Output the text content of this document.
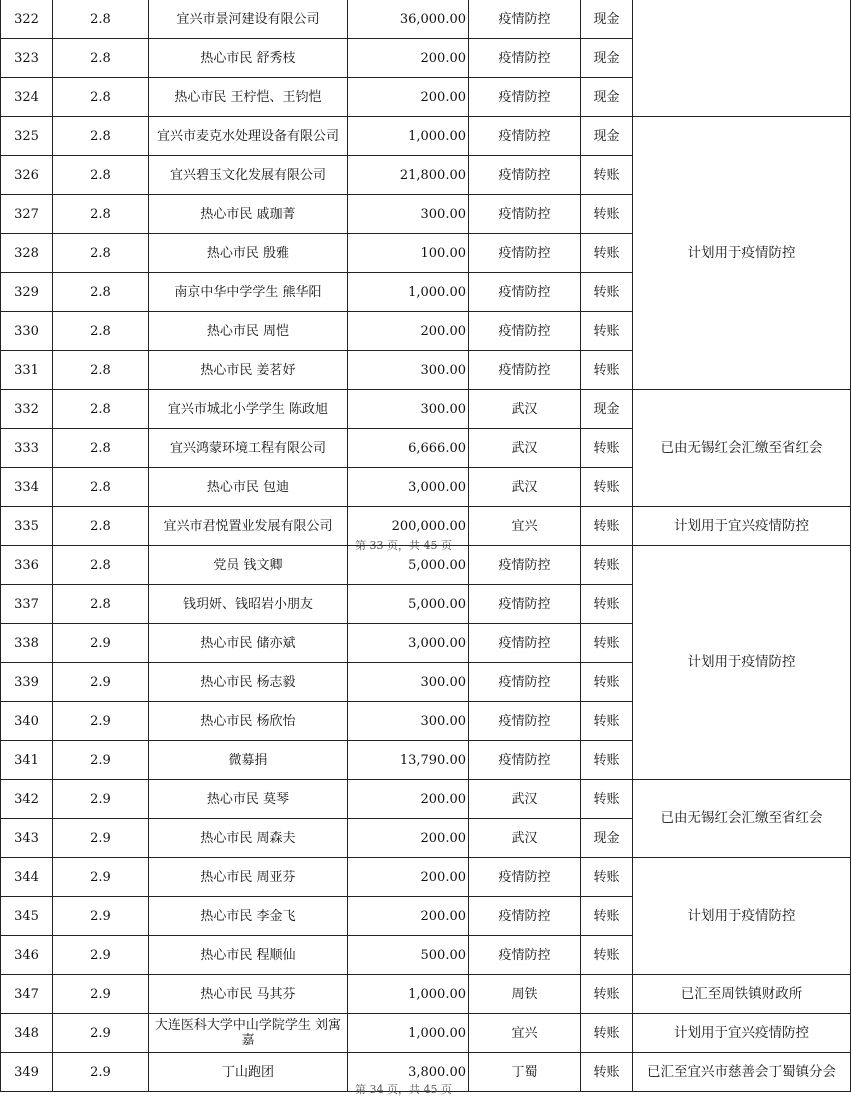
322	2.8	宜兴市景河建设有限公司	36,000.00	疫情防控	现金	
323	2.8	热心市民 舒秀枝	200.00	疫情防控	现金	
324	2.8	热心市民 王柠恺、王钧恺	200.00	疫情防控	现金	
325	2.8	宜兴市麦克水处理设备有限公司	1,000.00	疫情防控	现金	计划用于疫情防控
326	2.8	宜兴碧玉文化发展有限公司	21,800.00	疫情防控	转账	
327	2.8	热心市民 戚珈菁	300.00	疫情防控	转账	
328	2.8	热心市民 殷雅	100.00	疫情防控	转账	
329	2.8	南京中华中学学生 熊华阳	1,000.00	疫情防控	转账	
330	2.8	热心市民 周恺	200.00	疫情防控	转账	
331	2.8	热心市民 姜茗妤	300.00	疫情防控	转账	
332	2.8	宜兴市城北小学学生 陈政旭	300.00	武汉	现金	已由无锡红会汇缴至省红会
333	2.8	宜兴鸿蒙环境工程有限公司	6,666.00	武汉	转账	
334	2.8	热心市民 包迪	3,000.00	武汉	转账	
335	2.8	宜兴市君悦置业发展有限公司	200,000.00	宜兴	转账	计划用于宜兴疫情防控
第 33 页，共 45 页
336	2.8	党员 钱文卿	5,000.00	疫情防控	转账	计划用于疫情防控
337	2.8	钱玥妍、钱昭岩小朋友	5,000.00	疫情防控	转账	
338	2.9	热心市民 储亦斌	3,000.00	疫情防控	转账	
339	2.9	热心市民 杨志毅	300.00	疫情防控	转账	
340	2.9	热心市民 杨欣怡	300.00	疫情防控	转账	
341	2.9	微募捐	13,790.00	疫情防控	转账	
342	2.9	热心市民 莫琴	200.00	武汉	转账	已由无锡红会汇缴至省红会
343	2.9	热心市民 周森夫	200.00	武汉	现金	
344	2.9	热心市民 周亚芬	200.00	疫情防控	转账	计划用于疫情防控
345	2.9	热心市民 李金飞	200.00	疫情防控	转账	
346	2.9	热心市民 程顺仙	500.00	疫情防控	转账	
347	2.9	热心市民 马其芬	1,000.00	周铁	转账	已汇至周铁镇财政所
348	2.9	大连医科大学中山学院学生 刘寓嘉	1,000.00	宜兴	转账	计划用于宜兴疫情防控
349	2.9	丁山跑团	3,800.00	丁蜀	转账	已汇至宜兴市慈善会丁蜀镇分会
第 34 页，共 45 页
